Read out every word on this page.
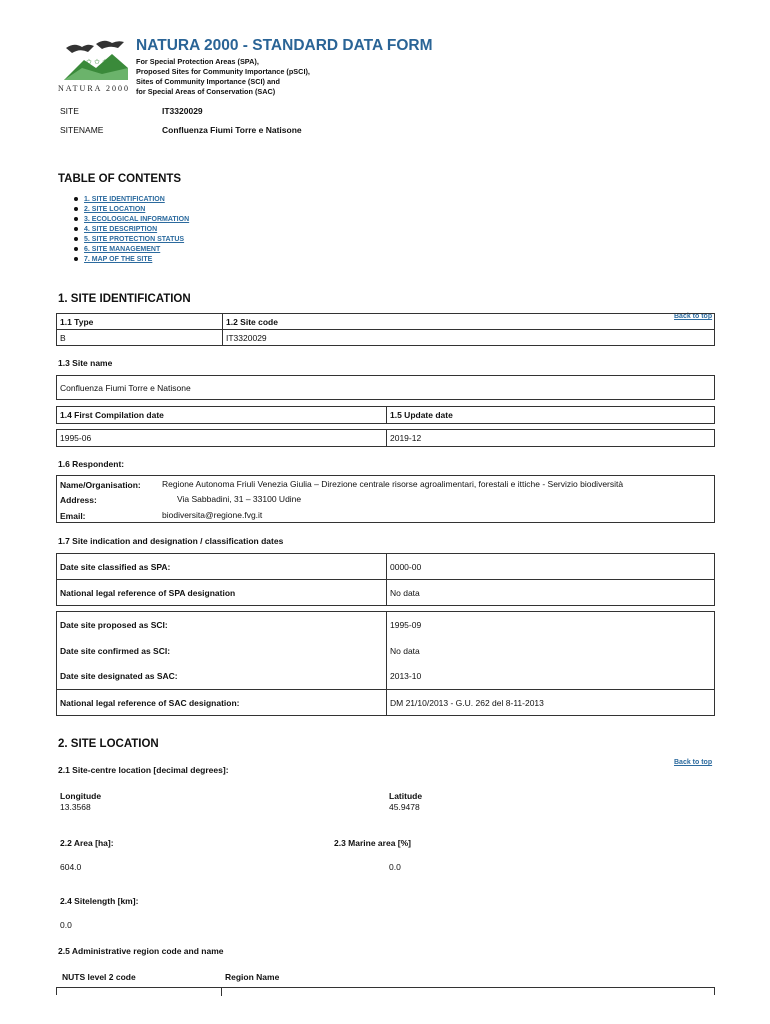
✩ ✩ ✩
NATURA 2000
NATURA 2000 - STANDARD DATA FORM
For Special Protection Areas (SPA),
Proposed Sites for Community Importance (pSCI),
Sites of Community Importance (SCI) and
for Special Areas of Conservation (SAC)
SITE	IT3320029
SITENAME	Confluenza Fiumi Torre e Natisone
TABLE OF CONTENTS
1. SITE IDENTIFICATION
2. SITE LOCATION
3. ECOLOGICAL INFORMATION
4. SITE DESCRIPTION
5. SITE PROTECTION STATUS
6. SITE MANAGEMENT
7. MAP OF THE SITE
1. SITE IDENTIFICATION
Back to top
1.1 Type	1.2 Site code
B	IT3320029
1.3 Site name
Confluenza Fiumi Torre e Natisone
1.4 First Compilation date	1.5 Update date
1995-06	2019-12
1.6 Respondent:
Name/Organisation: Regione Autonoma Friuli Venezia Giulia – Direzione centrale risorse agroalimentari, forestali e ittiche - Servizio biodiversità
Address:	Via Sabbadini, 31 – 33100 Udine
Email:	biodiversita@regione.fvg.it
1.7 Site indication and designation / classification dates
Date site classified as SPA:	0000-00
National legal reference of SPA designation	No data
Date site proposed as SCI:	1995-09
Date site confirmed as SCI:	No data
Date site designated as SAC:	2013-10
National legal reference of SAC designation:	DM 21/10/2013 - G.U. 262 del 8-11-2013
2. SITE LOCATION
Back to top
2.1 Site-centre location [decimal degrees]:
Longitude
13.3568
Latitude
45.9478
2.2 Area [ha]:	2.3 Marine area [%]
604.0	0.0
2.4 Sitelength [km]:
0.0
2.5 Administrative region code and name
NUTS level 2 code	Region Name
